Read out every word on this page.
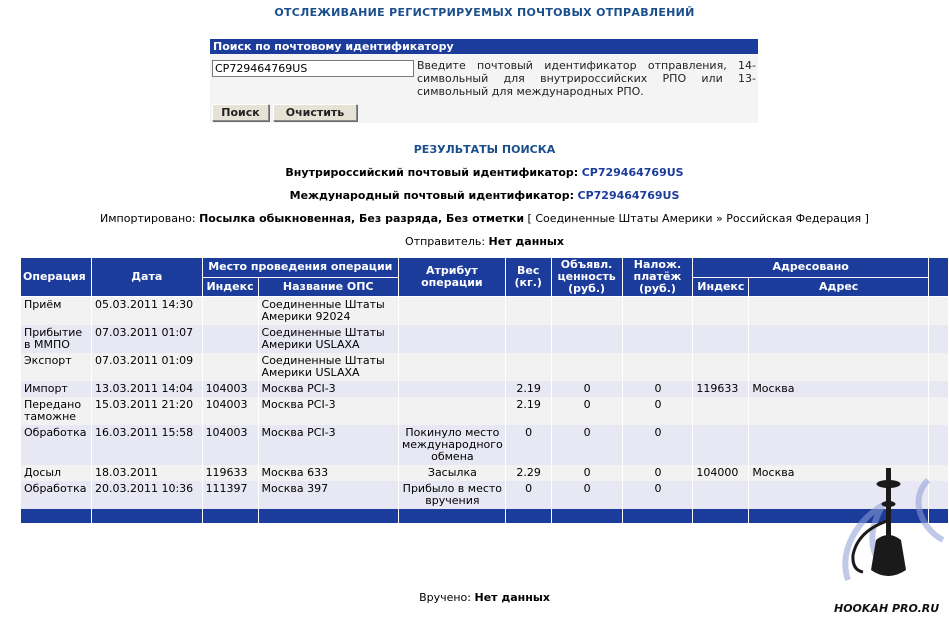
ОТСЛЕЖИВАНИЕ РЕГИСТРИРУЕМЫХ ПОЧТОВЫХ ОТПРАВЛЕНИЙ
Поиск по почтовому идентификатору
CP729464769US
Введите почтовый идентификатор отправления, 14-символьный для внутрироссийских РПО или 13-символьный для международных РПО.
Поиск	Очистить
РЕЗУЛЬТАТЫ ПОИСКА
Внутрироссийский почтовый идентификатор: CP729464769US
Международный почтовый идентификатор: CP729464769US
Импортировано: Посылка обыкновенная, Без разряда, Без отметки [ Соединенные Штаты Америки » Российская Федерация ]
Отправитель: Нет данных
Операция	Дата	Место проведения операции		Атрибут операции	Вес (кг.)	Объявл. ценность (руб.)	Налож. платёж (руб.)	Адресовано		
		Индекс	Название ОПС					Индекс	Адрес	
Приём	05.03.2011 14:30		Соединенные Штаты Америки 92024							
Прибытие в ММПО	07.03.2011 01:07		Соединенные Штаты Америки USLAXA							
Экспорт	07.03.2011 01:09		Соединенные Штаты Америки USLAXA							
Импорт	13.03.2011 14:04	104003	Москва PCI-3		2.19	0	0	119633	Москва	
Передано таможне	15.03.2011 21:20	104003	Москва PCI-3		2.19	0	0			
Обработка	16.03.2011 15:58	104003	Москва PCI-3	Покинуло место международного обмена	0	0	0			
Досыл	18.03.2011	119633	Москва 633	Засылка	2.29	0	0	104000	Москва	
Обработка	20.03.2011 10:36	111397	Москва 397	Прибыло в место вручения	0	0	0			

Вручено: Нет данных
HOOKAH PRO.RU
